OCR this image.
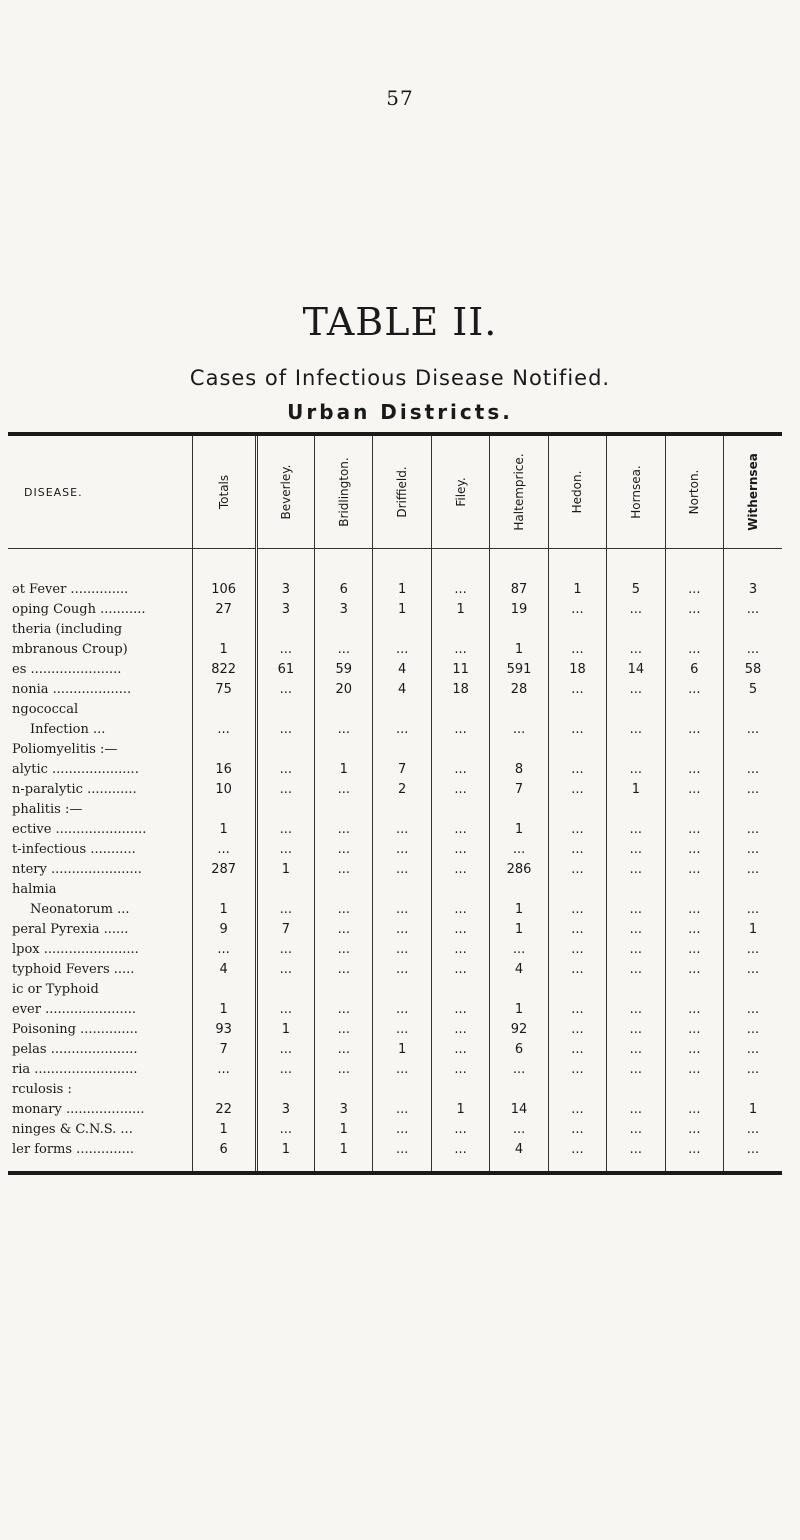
57
TABLE II.
Cases of Infectious Disease Notified.
Urban Districts.
DISEASE.	Totals	Beverley.	Bridlington.	Driffield.	Filey.	Haltemprice.	Hedon.	Hornsea.	Norton.	Withernsea

ǝt Fever ..............	106	3	6	1	...	87	1	5	...	3
oping Cough ...........	27	3	3	1	1	19	...	...	...	...
theria (including										
mbranous Croup)	1	...	...	...	...	1	...	...	...	...
es ......................	822	61	59	4	11	591	18	14	6	58
nonia ...................	75	...	20	4	18	28	...	...	...	5
ngococcal										
Infection ...	...	...	...	...	...	...	...	...	...	...
Poliomyelitis :—										
alytic .....................	16	...	1	7	...	8	...	...	...	...
n-paralytic ............	10	...	...	2	...	7	...	1	...	...
phalitis :—										
ective ......................	1	...	...	...	...	1	...	...	...	...
t-infectious ...........	...	...	...	...	...	...	...	...	...	...
ntery ......................	287	1	...	...	...	286	...	...	...	...
halmia										
Neonatorum ...	1	...	...	...	...	1	...	...	...	...
peral Pyrexia ......	9	7	...	...	...	1	...	...	...	1
lpox .......................	...	...	...	...	...	...	...	...	...	...
typhoid Fevers .....	4	...	...	...	...	4	...	...	...	...
ic or Typhoid										
ever ......................	1	...	...	...	...	1	...	...	...	...
Poisoning ..............	93	1	...	...	...	92	...	...	...	...
pelas .....................	7	...	...	1	...	6	...	...	...	...
ria .........................	...	...	...	...	...	...	...	...	...	...
rculosis :										
monary ...................	22	3	3	...	1	14	...	...	...	1
ninges & C.N.S. ...	1	...	1	...	...	...	...	...	...	...
ler forms ..............	6	1	1	...	...	4	...	...	...	...
